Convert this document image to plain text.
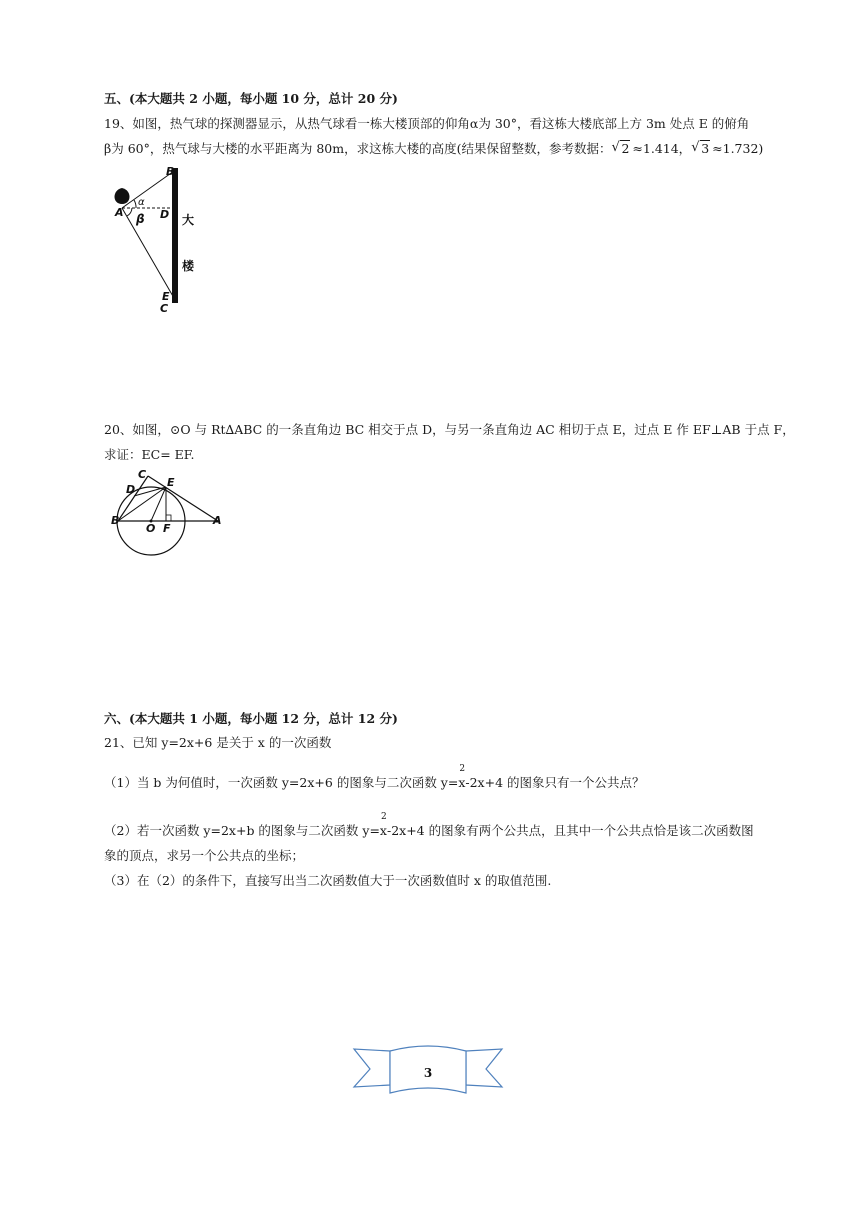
五、(本大题共 2 小题，每小题 10 分，总计 20 分)
19、如图，热气球的探测器显示，从热气球看一栋大楼顶部的仰角α为 30°，看这栋大楼底部上方 3m 处点 E 的俯角
β为 60°，热气球与大楼的水平距离为 80m，求这栋大楼的高度(结果保留整数，参考数据： √ 2 ≈1.414， √ 3 ≈1.732)
B
A
α
β D 大
楼
E
C
20、如图，⊙O 与 Rt∆ABC 的一条直角边 BC 相交于点 D，与另一条直角边 AC 相切于点 E，过点 E 作 EF⊥AB 于点 F，
求证：EC= EF.
C
D
E
B
O F
A
六、(本大题共 1 小题，每小题 12 分，总计 12 分)
21、已知 y=2x+6 是关于 x 的一次函数
（1）当 b 为何值时，一次函数 y=2x+6 的图象与二次函数 y=x
2
-2x+4 的图象只有一个公共点？
（2）若一次函数 y=2x+b 的图象与二次函数 y=x
2
-2x+4 的图象有两个公共点，且其中一个公共点恰是该二次函数图
象的顶点，求另一个公共点的坐标；
（3）在（2）的条件下，直接写出当二次函数值大于一次函数值时 x 的取值范围.
3
